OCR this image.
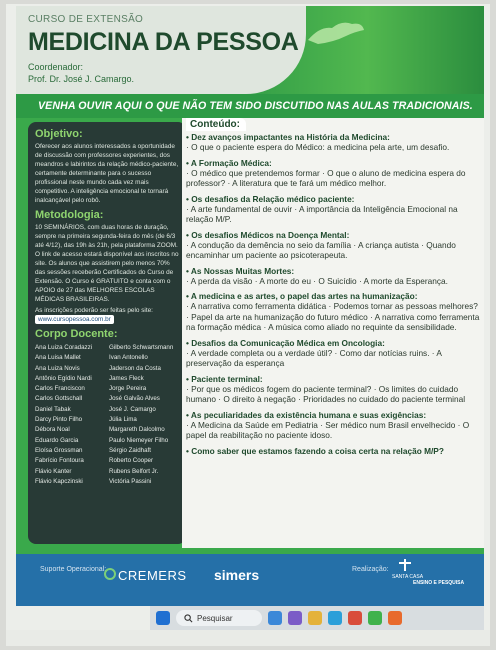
CURSO DE EXTENSÃO
MEDICINA DA PESSOA
Coordenador:
Prof. Dr. José J. Camargo.
VENHA OUVIR AQUI O QUE NÃO TEM SIDO DISCUTIDO NAS AULAS TRADICIONAIS.
Objetivo:
Oferecer aos alunos interessados a oportunidade de discussão com professores experientes, dos meandros e labirintos da relação médico-paciente, certamente determinante para o sucesso profissional neste mundo cada vez mais competitivo. A inteligência emocional te tornará inalcançável pelo robô.
Metodologia:
10 SEMINÁRIOS, com duas horas de duração, sempre na primeira segunda-feira do mês (de 6/3 até 4/12), das 19h às 21h, pela plataforma ZOOM. O link de acesso estará disponível aos inscritos no site. Os alunos que assistirem pelo menos 70% das sessões receberão Certificados do Curso de Extensão. O Curso é GRATUITO e conta com o APOIO de 27 das MELHORES ESCOLAS MÉDICAS BRASILEIRAS.
As inscrições poderão ser feitas pelo site: www.cursopessoa.com.br
Corpo Docente:
Ana Luiza Coradazzi	Gilberto Schwartsmann
Ana Luisa Mallet	Ivan Antonello
Ana Luiza Novis	Jaderson da Costa
Antônio Egídio Nardi	James Fleck
Carlos Franciscon	Jorge Pereira
Carlos Gottschall	José Galvão Alves
Daniel Tabak	José J. Camargo
Darcy Pinto Filho	Júlia Lima
Débora Noal	Margareth Dalcolmo
Eduardo Garcia	Paulo Niemeyer Filho
Eloísa Grossman	Sérgio Zaidhaft
Fabrício Fontoura	Roberto Cooper
Flávio Kanter	Rubens Belfort Jr.
Flávio Kapczinski	Victória Passini
Conteúdo:
• Dez avanços impactantes na História da Medicina:
· O que o paciente espera do Médico: a medicina pela arte, um desafio.
• A Formação Médica:
· O médico que pretendemos formar · O que o aluno de medicina espera do professor? · A literatura que te fará um médico melhor.
• Os desafios da Relação médico paciente:
· A arte fundamental de ouvir · A importância da Inteligência Emocional na relação M/P.
• Os desafios Médicos na Doença Mental:
· A condução da demência no seio da família · A criança autista · Quando encaminhar um paciente ao psicoterapeuta.
• As Nossas Muitas Mortes:
· A perda da visão · A morte do eu · O Suicídio · A morte da Esperança.
• A medicina e as artes, o papel das artes na humanização:
· A narrativa como ferramenta didática · Podemos tornar as pessoas melhores? · Papel da arte na humanização do futuro médico · A narrativa como ferramenta na formação médica · A música como aliado no requinte da sensibilidade.
• Desafios da Comunicação Médica em Oncologia:
· A verdade completa ou a verdade útil? · Como dar notícias ruins. · A preservação da esperança
• Paciente terminal:
· Por que os médicos fogem do paciente terminal? · Os limites do cuidado humano · O direito à negação · Prioridades no cuidado do paciente terminal
• As peculiaridades da existência humana e suas exigências:
· A Medicina da Saúde em Pediatria · Ser médico num Brasil envelhecido · O papel da reabilitação no paciente idoso.
• Como saber que estamos fazendo a coisa certa na relação M/P?
Suporte Operacional: CREMERS simers	Realização:
SANTA CASA
ENSINO E PESQUISA
Pesquisar
